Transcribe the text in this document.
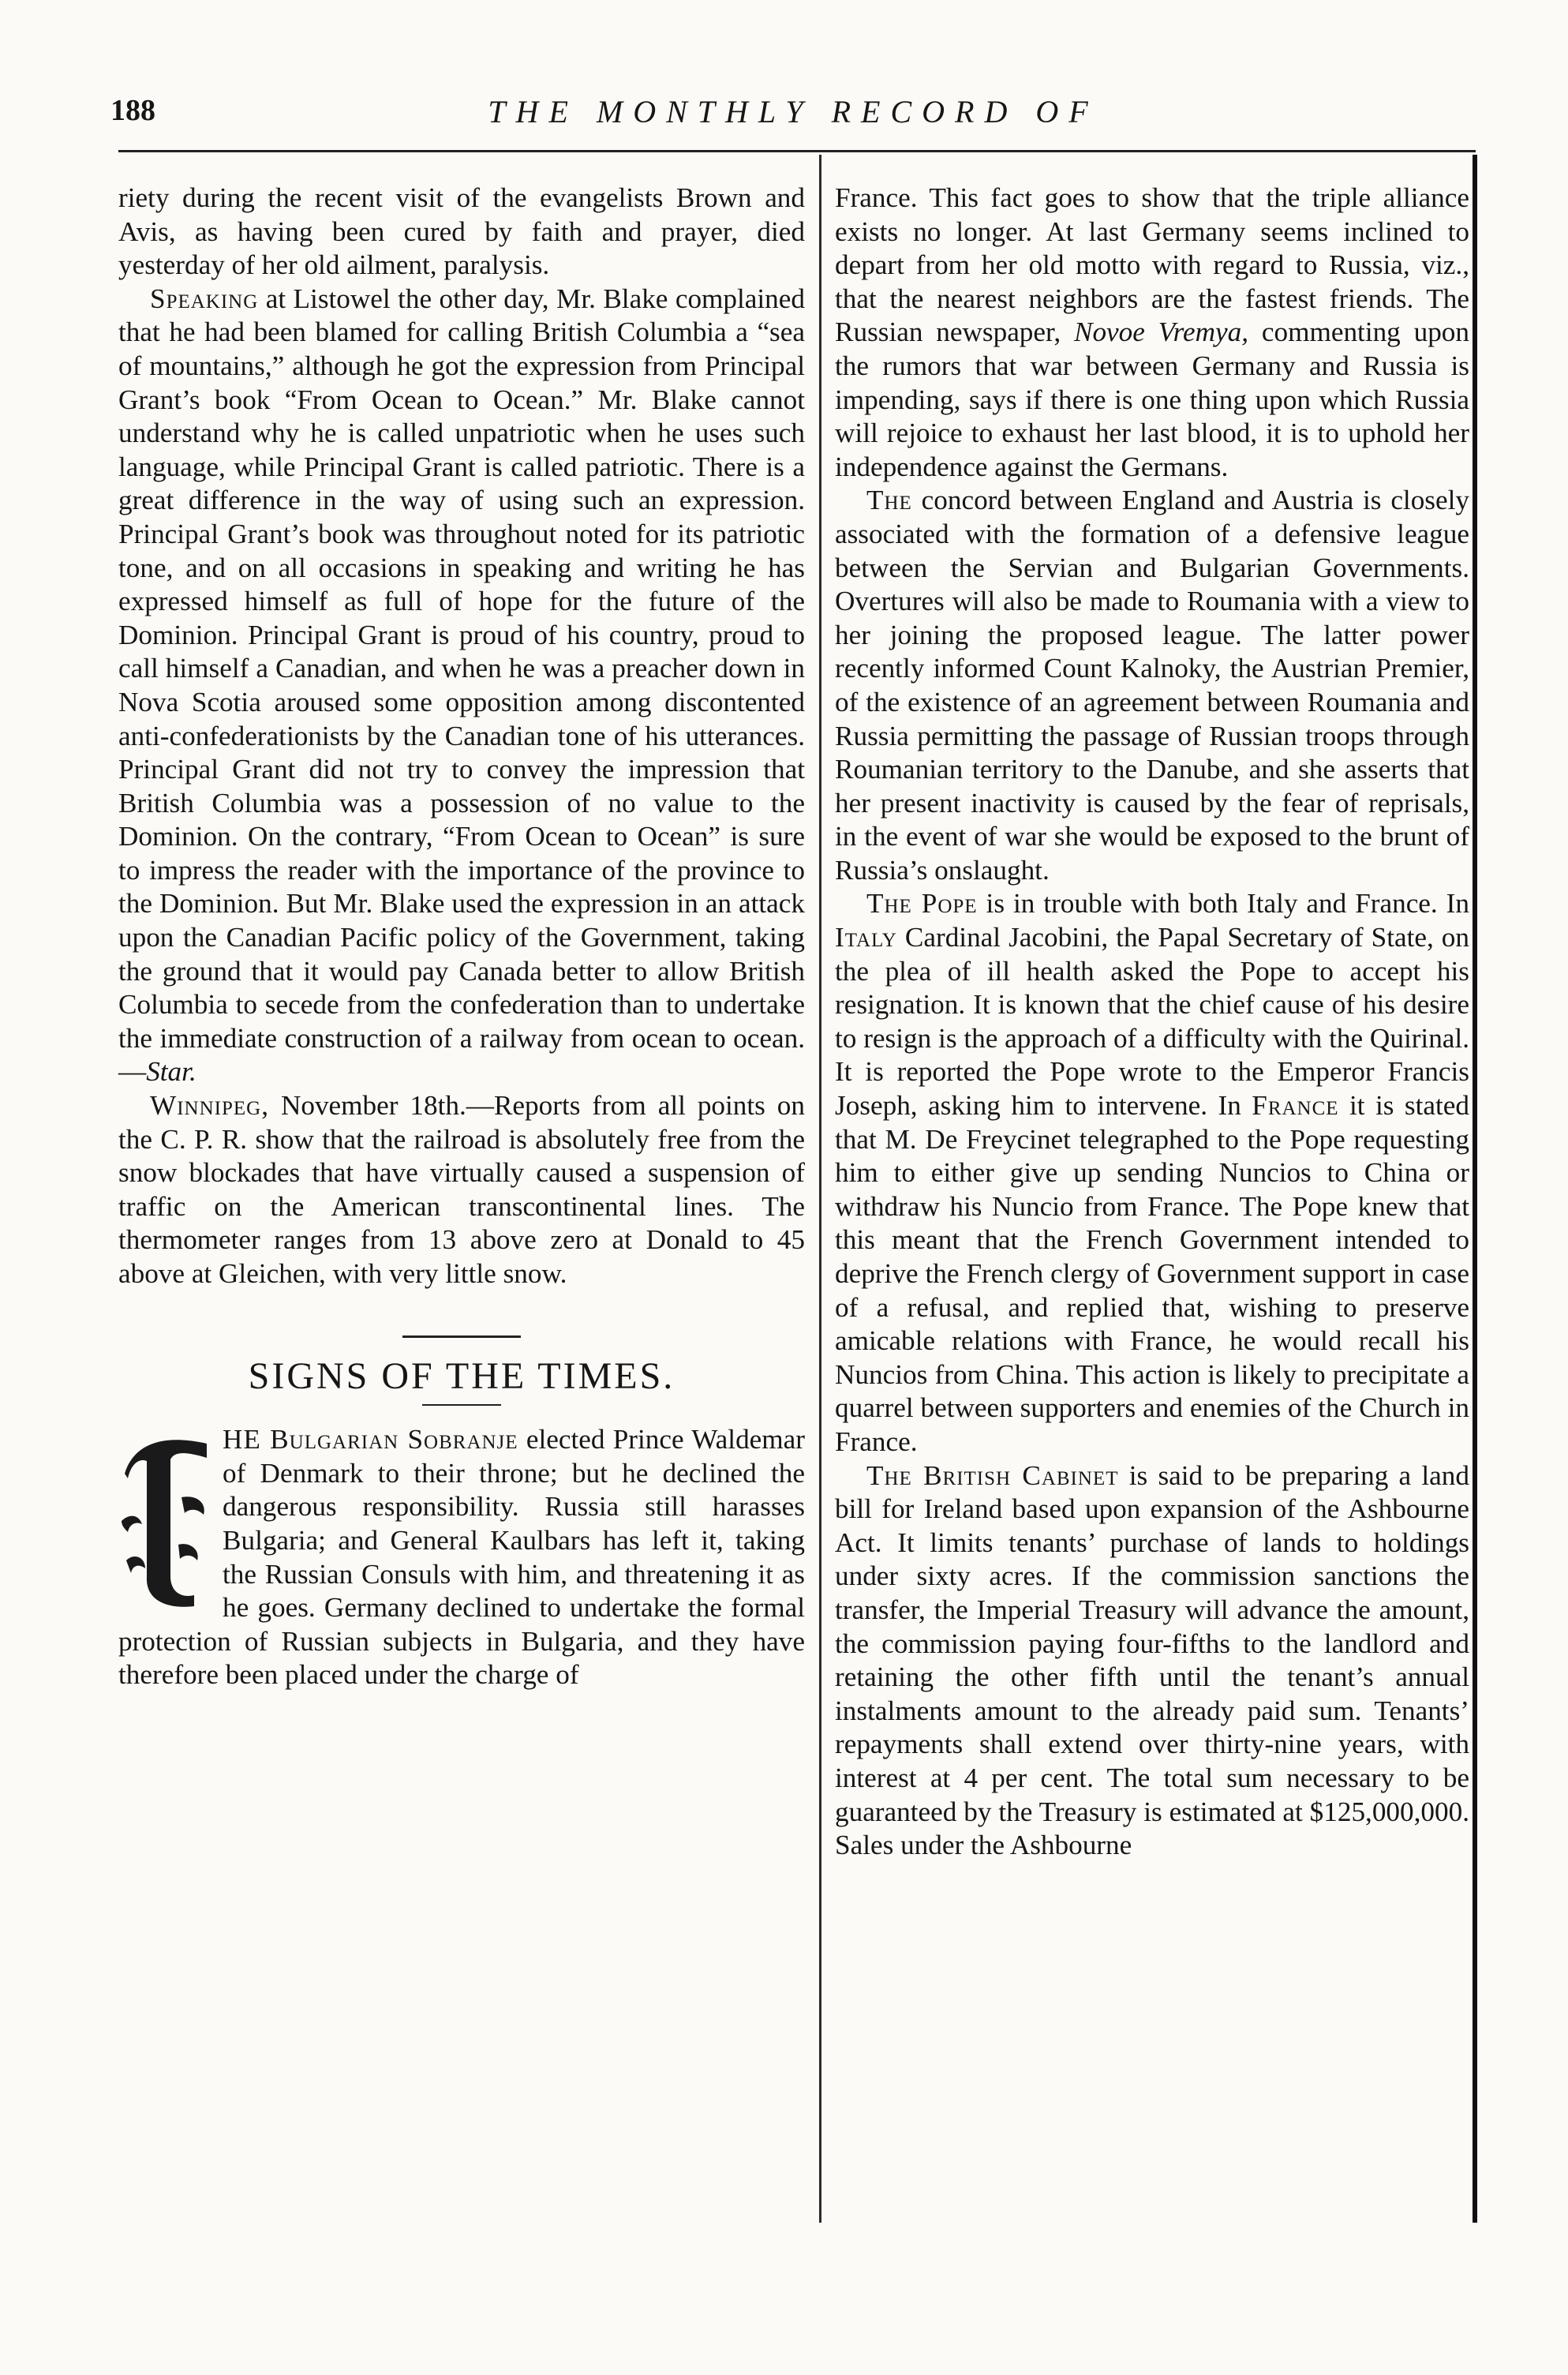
188	THE MONTHLY RECORD OF

riety during the recent visit of the evangelists Brown and Avis, as having been cured by faith and prayer, died yesterday of her old ailment, paralysis.

Speaking at Listowel the other day, Mr. Blake complained that he had been blamed for calling British Columbia a “sea of mountains,” although he got the expression from Principal Grant’s book “From Ocean to Ocean.” Mr. Blake cannot understand why he is called unpatriotic when he uses such language, while Principal Grant is called patriotic. There is a great difference in the way of using such an expression. Principal Grant’s book was throughout noted for its patriotic tone, and on all occasions in speaking and writing he has expressed himself as full of hope for the future of the Dominion. Principal Grant is proud of his country, proud to call himself a Canadian, and when he was a preacher down in Nova Scotia aroused some opposition among discontented anti-confederationists by the Canadian tone of his utterances. Principal Grant did not try to convey the impression that British Columbia was a possession of no value to the Dominion. On the contrary, “From Ocean to Ocean” is sure to impress the reader with the importance of the province to the Dominion. But Mr. Blake used the expression in an attack upon the Canadian Pacific policy of the Government, taking the ground that it would pay Canada better to allow British Columbia to secede from the confederation than to undertake the immediate construction of a railway from ocean to ocean.—Star.

Winnipeg, November 18th.—Reports from all points on the C. P. R. show that the railroad is absolutely free from the snow blockades that have virtually caused a suspension of traffic on the American transcontinental lines. The thermometer ranges from 13 above zero at Donald to 45 above at Gleichen, with very little snow.

SIGNS OF THE TIMES.

HE Bulgarian Sobranje elected Prince Waldemar of Denmark to their throne; but he declined the dangerous responsibility. Russia still harasses Bulgaria; and General Kaulbars has left it, taking the Russian Consuls with him, and threatening it as he goes. Germany declined to undertake the formal protection of Russian subjects in Bulgaria, and they have therefore been placed under the charge of

France. This fact goes to show that the triple alliance exists no longer. At last Germany seems inclined to depart from her old motto with regard to Russia, viz., that the nearest neighbors are the fastest friends. The Russian newspaper, Novoe Vremya, commenting upon the rumors that war between Germany and Russia is impending, says if there is one thing upon which Russia will rejoice to exhaust her last blood, it is to uphold her independence against the Germans.

The concord between England and Austria is closely associated with the formation of a defensive league between the Servian and Bulgarian Governments. Overtures will also be made to Roumania with a view to her joining the proposed league. The latter power recently informed Count Kalnoky, the Austrian Premier, of the existence of an agreement between Roumania and Russia permitting the passage of Russian troops through Roumanian territory to the Danube, and she asserts that her present inactivity is caused by the fear of reprisals, in the event of war she would be exposed to the brunt of Russia’s onslaught.

The Pope is in trouble with both Italy and France. In Italy Cardinal Jacobini, the Papal Secretary of State, on the plea of ill health asked the Pope to accept his resignation. It is known that the chief cause of his desire to resign is the approach of a difficulty with the Quirinal. It is reported the Pope wrote to the Emperor Francis Joseph, asking him to intervene. In France it is stated that M. De Freycinet telegraphed to the Pope requesting him to either give up sending Nuncios to China or withdraw his Nuncio from France. The Pope knew that this meant that the French Government intended to deprive the French clergy of Government support in case of a refusal, and replied that, wishing to preserve amicable relations with France, he would recall his Nuncios from China. This action is likely to precipitate a quarrel between supporters and enemies of the Church in France.

The British Cabinet is said to be preparing a land bill for Ireland based upon expansion of the Ashbourne Act. It limits tenants’ purchase of lands to holdings under sixty acres. If the commission sanctions the transfer, the Imperial Treasury will advance the amount, the commission paying four-fifths to the landlord and retaining the other fifth until the tenant’s annual instalments amount to the already paid sum. Tenants’ repayments shall extend over thirty-nine years, with interest at 4 per cent. The total sum necessary to be guaranteed by the Treasury is estimated at $125,000,000. Sales under the Ashbourne
